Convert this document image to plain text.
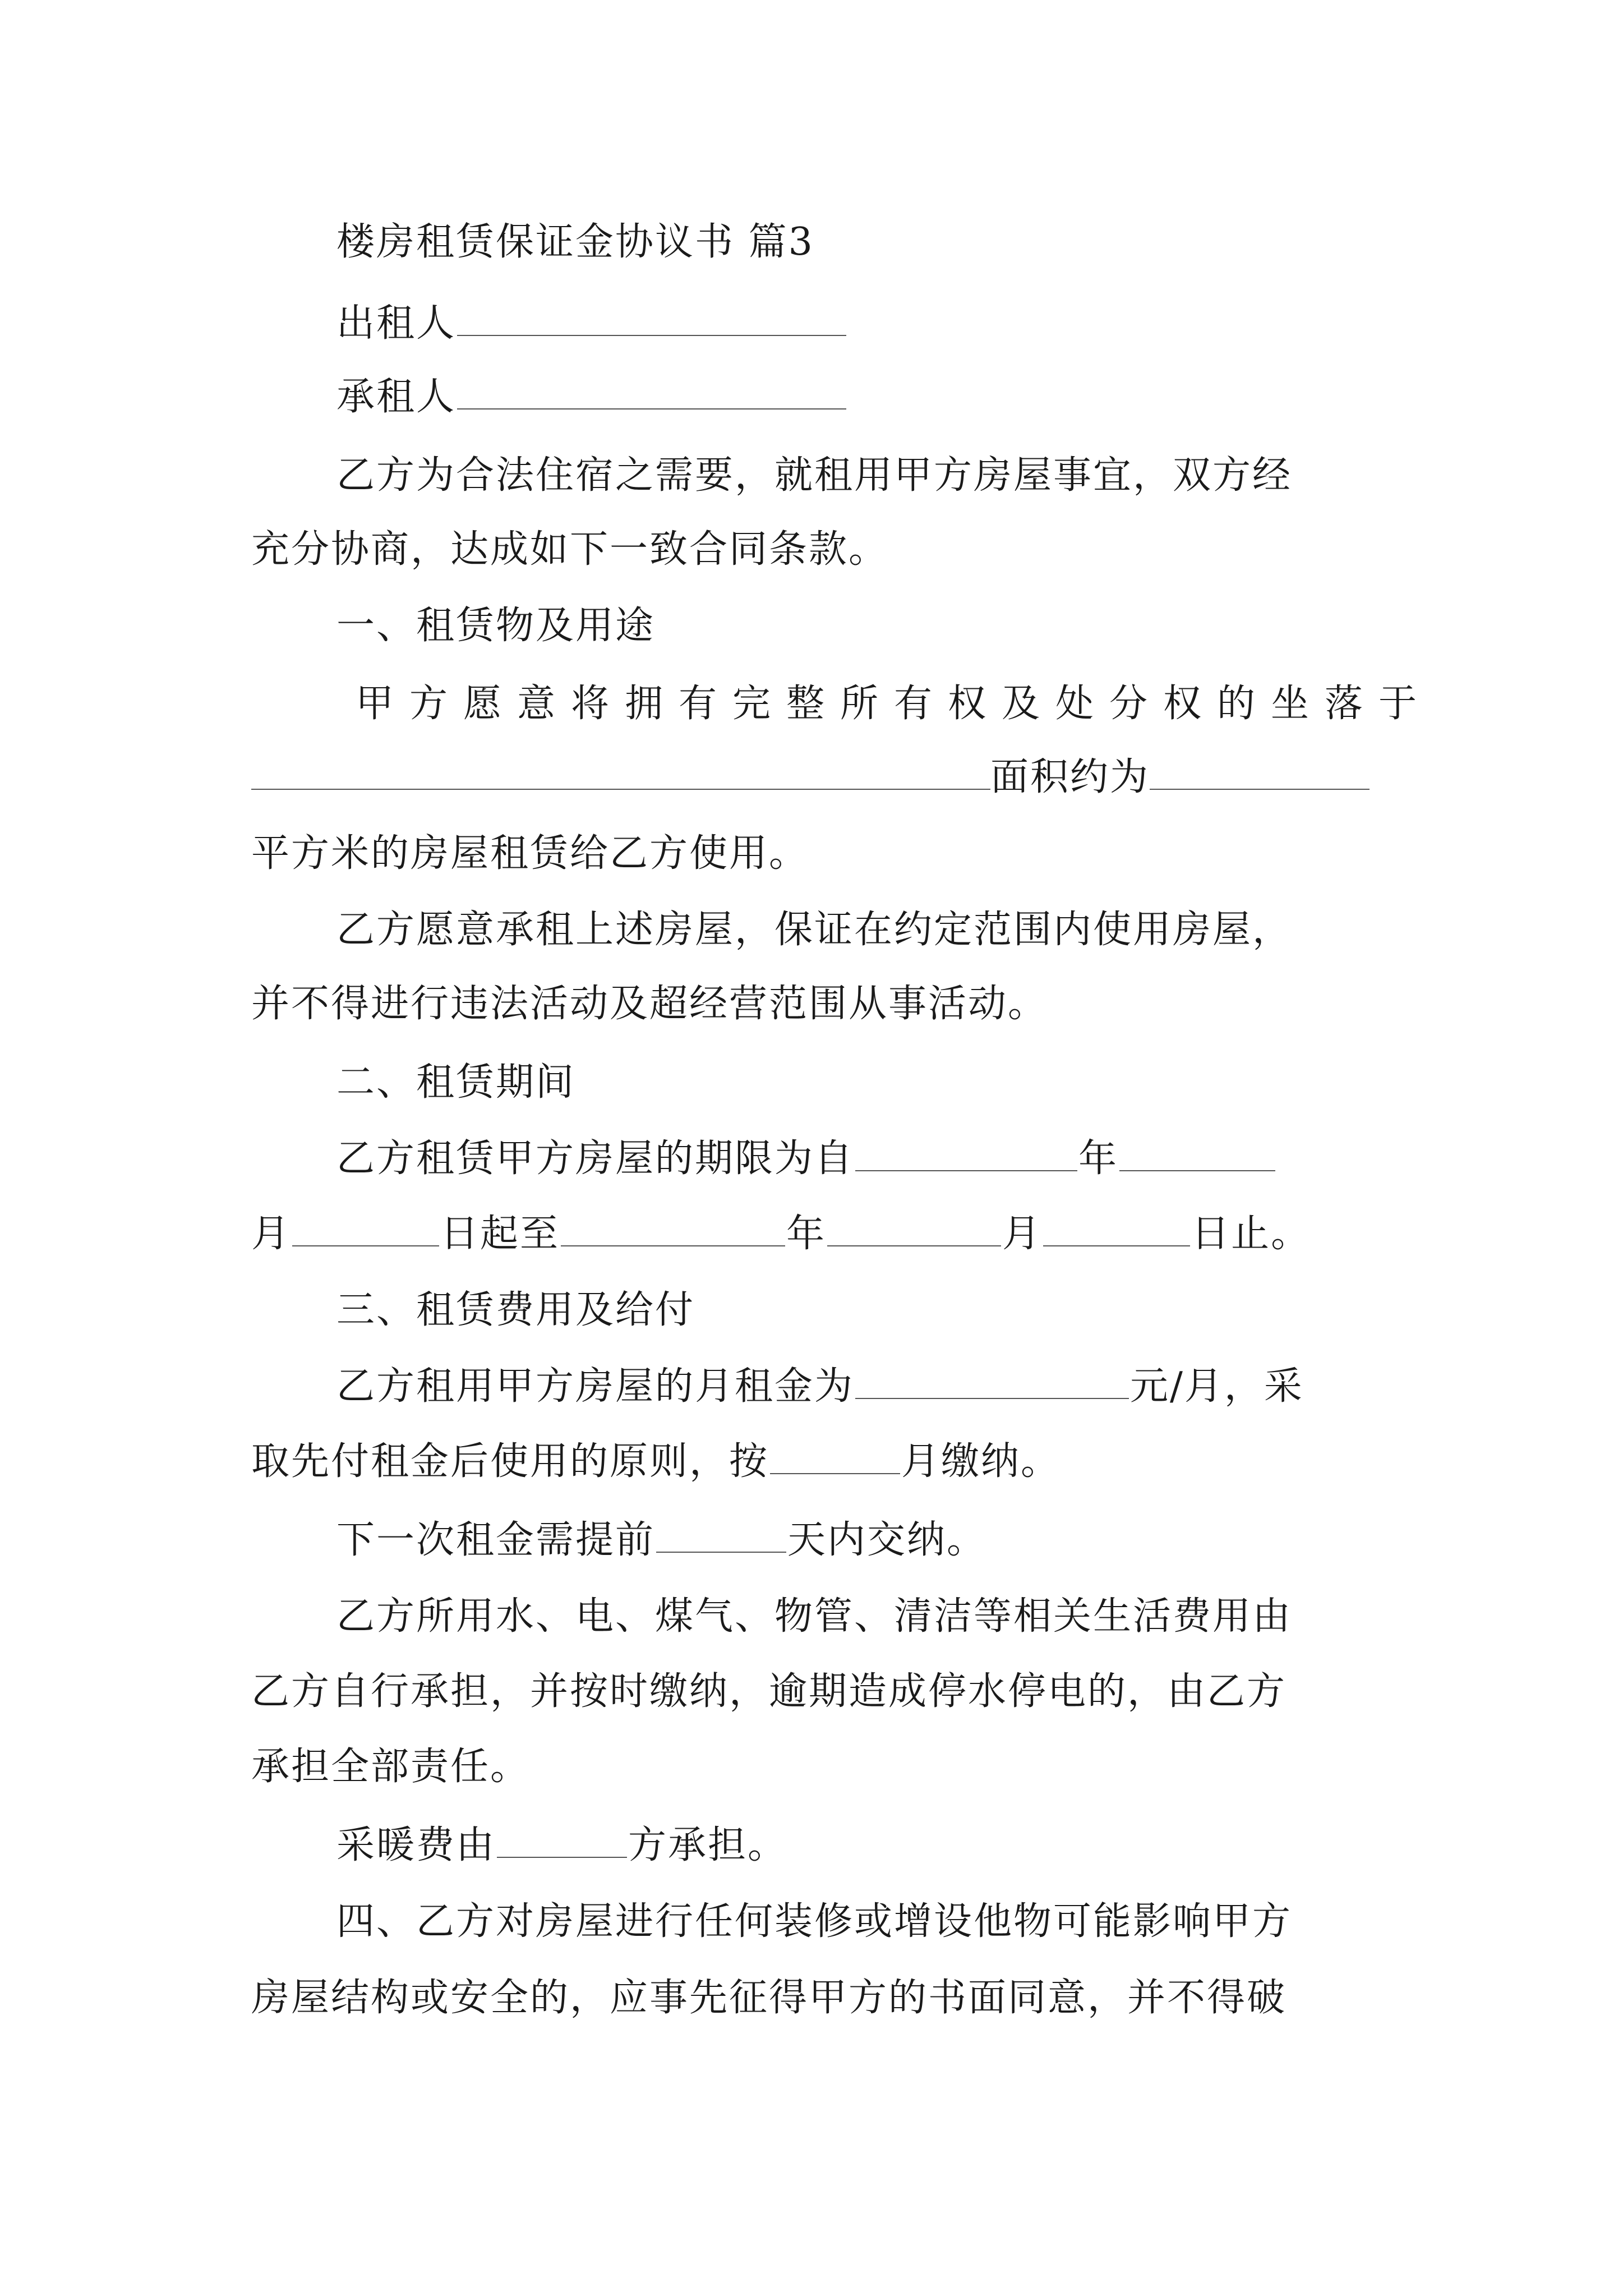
楼房租赁保证金协议书 篇3
出租人
承租人
乙方为合法住宿之需要，就租用甲方房屋事宜，双方经
充分协商，达成如下一致合同条款。
一、租赁物及用途
甲方愿意将拥有完整所有权及处分权的坐落于
面积约为
平方米的房屋租赁给乙方使用。
乙方愿意承租上述房屋，保证在约定范围内使用房屋，
并不得进行违法活动及超经营范围从事活动。
二、租赁期间
乙方租赁甲方房屋的期限为自	年
月	日起至	年	月	日止。
三、租赁费用及给付
乙方租用甲方房屋的月租金为	元/月，采
取先付租金后使用的原则，按	月缴纳。
下一次租金需提前	天内交纳。
乙方所用水、电、煤气、物管、清洁等相关生活费用由
乙方自行承担，并按时缴纳，逾期造成停水停电的，由乙方
承担全部责任。
采暖费由	方承担。
四、乙方对房屋进行任何装修或增设他物可能影响甲方
房屋结构或安全的，应事先征得甲方的书面同意，并不得破
